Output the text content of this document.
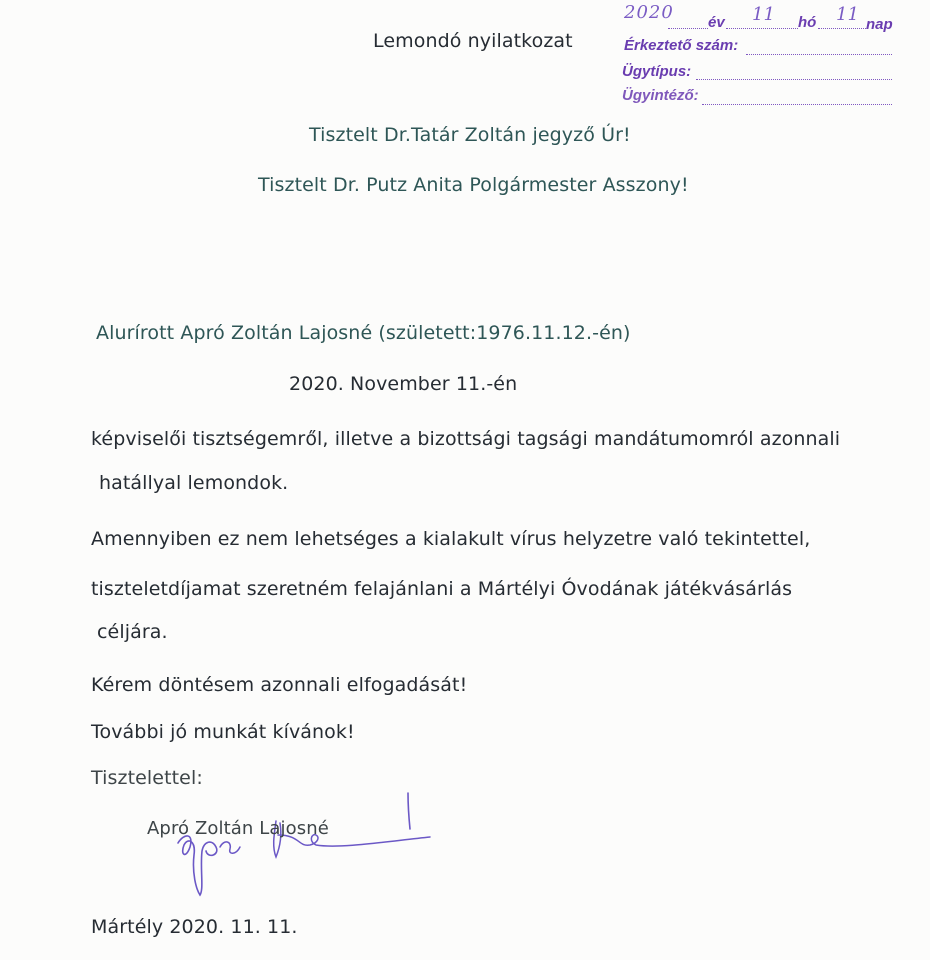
Lemondó nyilatkozat
2020 év 11 hó 11 nap
Érkeztető szám:
Ügytípus:
Ügyintéző:
Tisztelt Dr.Tatár Zoltán jegyző Úr!
Tisztelt Dr. Putz Anita Polgármester Asszony!
Alurírott Apró Zoltán Lajosné (született:1976.11.12.-én)
2020. November 11.-én
képviselői tisztségemről, illetve a bizottsági tagsági mandátumomról azonnali
hatállyal lemondok.
Amennyiben ez nem lehetséges a kialakult vírus helyzetre való tekintettel,
tiszteletdíjamat szeretném felajánlani a Mártélyi Óvodának játékvásárlás
céljára.
Kérem döntésem azonnali elfogadását!
További jó munkát kívánok!
Tisztelettel:
Apró Zoltán Lajosné
Mártély 2020. 11. 11.
